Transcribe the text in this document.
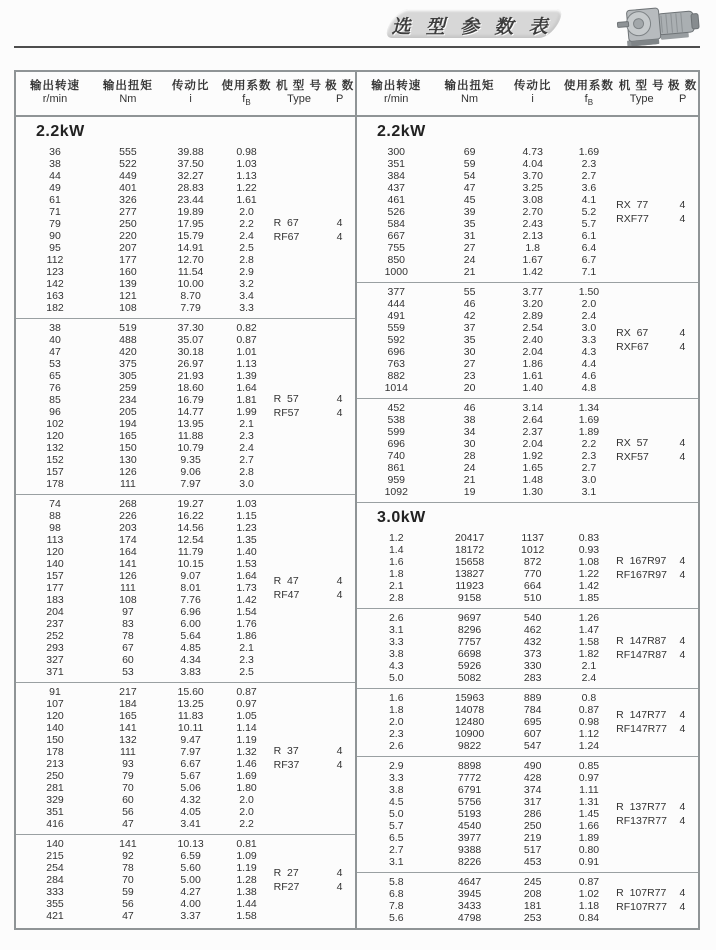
选 型 参 数 表
输出转速
r/min
输出扭矩
Nm
传动比
i
使用系数
$f_B$
机 型 号
Type
极 数
P
2.2kW
36	555	39.88	0.98
38	522	37.50	1.03
44	449	32.27	1.13
49	401	28.83	1.22
61	326	23.44	1.61
71	277	19.89	2.0
79	250	17.95	2.2
90	220	15.79	2.4
95	207	14.91	2.5
112	177	12.70	2.8
123	160	11.54	2.9
142	139	10.00	3.2
163	121	8.70	3.4
182	108	7.79	3.3
R  67	4
RF67	4
38	519	37.30	0.82
40	488	35.07	0.87
47	420	30.18	1.01
53	375	26.97	1.13
65	305	21.93	1.39
76	259	18.60	1.64
85	234	16.79	1.81
96	205	14.77	1.99
102	194	13.95	2.1
120	165	11.88	2.3
132	150	10.79	2.4
152	130	9.35	2.7
157	126	9.06	2.8
178	111	7.97	3.0
R  57	4
RF57	4
74	268	19.27	1.03
88	226	16.22	1.15
98	203	14.56	1.23
113	174	12.54	1.35
120	164	11.79	1.40
140	141	10.15	1.53
157	126	9.07	1.64
177	111	8.01	1.73
183	108	7.76	1.42
204	97	6.96	1.54
237	83	6.00	1.76
252	78	5.64	1.86
293	67	4.85	2.1
327	60	4.34	2.3
371	53	3.83	2.5
R  47	4
RF47	4
91	217	15.60	0.87
107	184	13.25	0.97
120	165	11.83	1.05
140	141	10.11	1.14
150	132	9.47	1.19
178	111	7.97	1.32
213	93	6.67	1.46
250	79	5.67	1.69
281	70	5.06	1.80
329	60	4.32	2.0
351	56	4.05	2.0
416	47	3.41	2.2
R  37	4
RF37	4
140	141	10.13	0.81
215	92	6.59	1.09
254	78	5.60	1.19
284	70	5.00	1.28
333	59	4.27	1.38
355	56	4.00	1.44
421	47	3.37	1.58
R  27	4
RF27	4
输出转速
r/min
输出扭矩
Nm
传动比
i
使用系数
$f_B$
机 型 号
Type
极 数
P
2.2kW
300	69	4.73	1.69
351	59	4.04	2.3
384	54	3.70	2.7
437	47	3.25	3.6
461	45	3.08	4.1
526	39	2.70	5.2
584	35	2.43	5.7
667	31	2.13	6.1
755	27	1.8	6.4
850	24	1.67	6.7
1000	21	1.42	7.1
RX  77	4
RXF77	4
377	55	3.77	1.50
444	46	3.20	2.0
491	42	2.89	2.4
559	37	2.54	3.0
592	35	2.40	3.3
696	30	2.04	4.3
763	27	1.86	4.4
882	23	1.61	4.6
1014	20	1.40	4.8
RX  67	4
RXF67	4
452	46	3.14	1.34
538	38	2.64	1.69
599	34	2.37	1.89
696	30	2.04	2.2
740	28	1.92	2.3
861	24	1.65	2.7
959	21	1.48	3.0
1092	19	1.30	3.1
RX  57	4
RXF57	4
3.0kW
1.2	20417	1137	0.83
1.4	18172	1012	0.93
1.6	15658	872	1.08
1.8	13827	770	1.22
2.1	11923	664	1.42
2.8	9158	510	1.85
R  167R97	4
RF167R97	4
2.6	9697	540	1.26
3.1	8296	462	1.47
3.3	7757	432	1.58
3.8	6698	373	1.82
4.3	5926	330	2.1
5.0	5082	283	2.4
R  147R87	4
RF147R87	4
1.6	15963	889	0.8
1.8	14078	784	0.87
2.0	12480	695	0.98
2.3	10900	607	1.12
2.6	9822	547	1.24
R  147R77	4
RF147R77	4
2.9	8898	490	0.85
3.3	7772	428	0.97
3.8	6791	374	1.11
4.5	5756	317	1.31
5.0	5193	286	1.45
5.7	4540	250	1.66
6.5	3977	219	1.89
2.7	9388	517	0.80
3.1	8226	453	0.91
R  137R77	4
RF137R77	4
5.8	4647	245	0.87
6.8	3945	208	1.02
7.8	3433	181	1.18
5.6	4798	253	0.84
R  107R77	4
RF107R77	4
